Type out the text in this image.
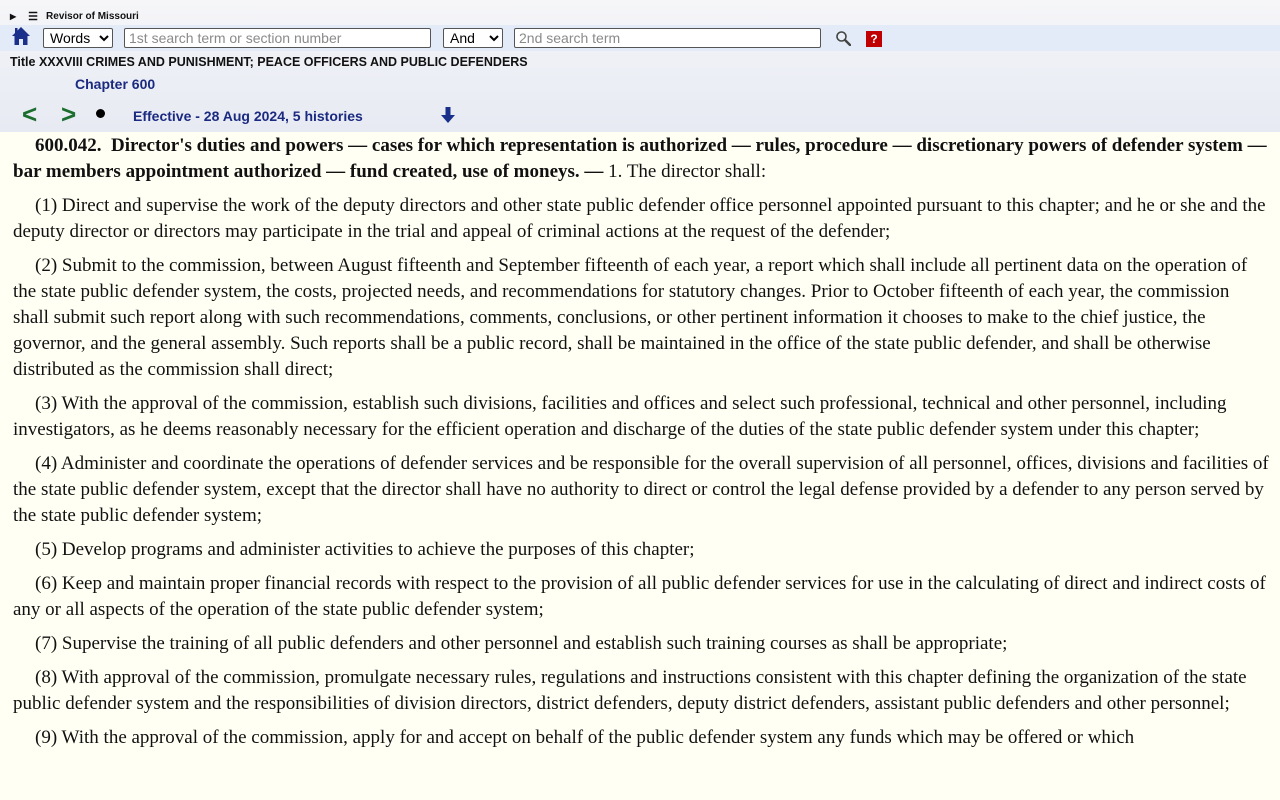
▶ ☰ Revisor of Missouri
Words
1st search term or section number
And
2nd search term
?
Title XXXVIII CRIMES AND PUNISHMENT; PEACE OFFICERS AND PUBLIC DEFENDERS
Chapter 600
< >	Effective - 28 Aug 2024, 5 histories

600.042. Director's duties and powers — cases for which representation is authorized — rules, procedure — discretionary powers of defender system — bar members appointment authorized — fund created, use of moneys. — 1. The director shall:

(1) Direct and supervise the work of the deputy directors and other state public defender office personnel appointed pursuant to this chapter; and he or she and the deputy director or directors may participate in the trial and appeal of criminal actions at the request of the defender;

(2) Submit to the commission, between August fifteenth and September fifteenth of each year, a report which shall include all pertinent data on the operation of the state public defender system, the costs, projected needs, and recommendations for statutory changes. Prior to October fifteenth of each year, the commission shall submit such report along with such recommendations, comments, conclusions, or other pertinent information it chooses to make to the chief justice, the governor, and the general assembly. Such reports shall be a public record, shall be maintained in the office of the state public defender, and shall be otherwise distributed as the commission shall direct;

(3) With the approval of the commission, establish such divisions, facilities and offices and select such professional, technical and other personnel, including investigators, as he deems reasonably necessary for the efficient operation and discharge of the duties of the state public defender system under this chapter;

(4) Administer and coordinate the operations of defender services and be responsible for the overall supervision of all personnel, offices, divisions and facilities of the state public defender system, except that the director shall have no authority to direct or control the legal defense provided by a defender to any person served by the state public defender system;

(5) Develop programs and administer activities to achieve the purposes of this chapter;

(6) Keep and maintain proper financial records with respect to the provision of all public defender services for use in the calculating of direct and indirect costs of any or all aspects of the operation of the state public defender system;

(7) Supervise the training of all public defenders and other personnel and establish such training courses as shall be appropriate;

(8) With approval of the commission, promulgate necessary rules, regulations and instructions consistent with this chapter defining the organization of the state public defender system and the responsibilities of division directors, district defenders, deputy district defenders, assistant public defenders and other personnel;

(9) With the approval of the commission, apply for and accept on behalf of the public defender system any funds which may be offered or which
